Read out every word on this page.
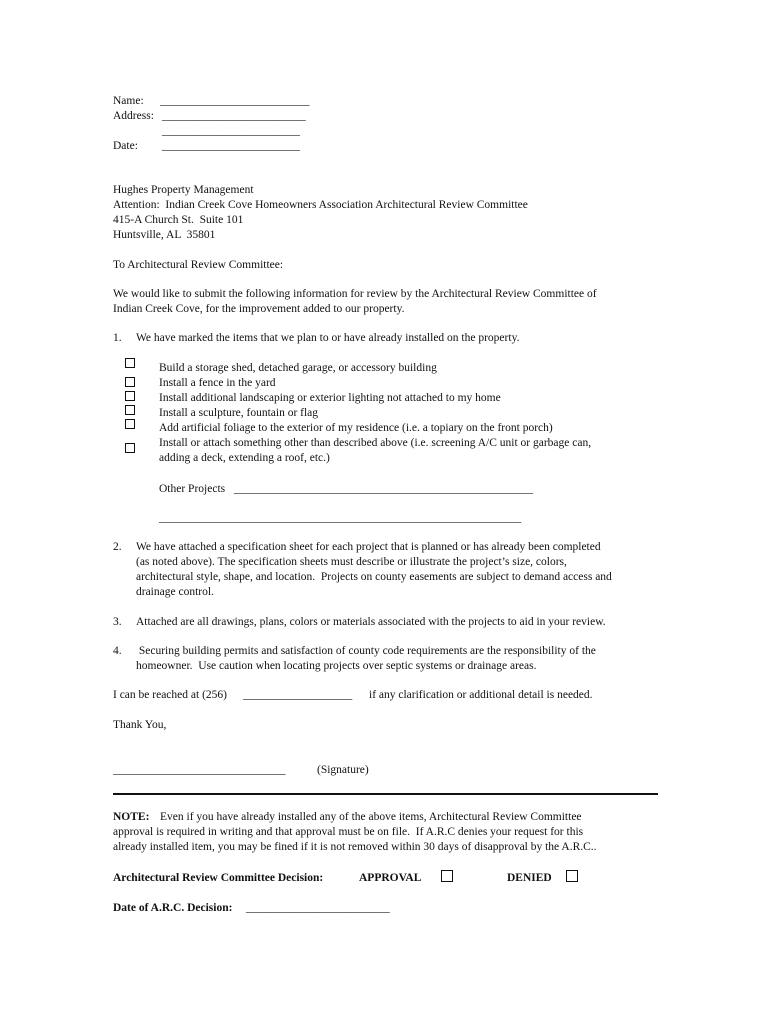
Name: __________________________
Address: _________________________
________________________
Date: ________________________
Hughes Property Management
Attention:  Indian Creek Cove Homeowners Association Architectural Review Committee
415-A Church St.  Suite 101
Huntsville, AL  35801
To Architectural Review Committee:
We would like to submit the following information for review by the Architectural Review Committee of
Indian Creek Cove, for the improvement added to our property.
1. We have marked the items that we plan to or have already installed on the property.
Build a storage shed, detached garage, or accessory building
Install a fence in the yard
Install additional landscaping or exterior lighting not attached to my home
Install a sculpture, fountain or flag
Add artificial foliage to the exterior of my residence (i.e. a topiary on the front porch)
Install or attach something other than described above (i.e. screening A/C unit or garbage can,
adding a deck, extending a roof, etc.)
Other Projects ____________________________________________________
_______________________________________________________________
2. We have attached a specification sheet for each project that is planned or has already been completed
(as noted above). The specification sheets must describe or illustrate the project’s size, colors,
architectural style, shape, and location.  Projects on county easements are subject to demand access and
drainage control.
3. Attached are all drawings, plans, colors or materials associated with the projects to aid in your review.
4. Securing building permits and satisfaction of county code requirements are the responsibility of the
homeowner.  Use caution when locating projects over septic systems or drainage areas.
I can be reached at (256) ___________________ if any clarification or additional detail is needed.
Thank You,
______________________________	(Signature)
NOTE: Even if you have already installed any of the above items, Architectural Review Committee
approval is required in writing and that approval must be on file.  If A.R.C denies your request for this
already installed item, you may be fined if it is not removed within 30 days of disapproval by the A.R.C..
Architectural Review Committee Decision:	APPROVAL	DENIED
Date of A.R.C. Decision: _________________________
